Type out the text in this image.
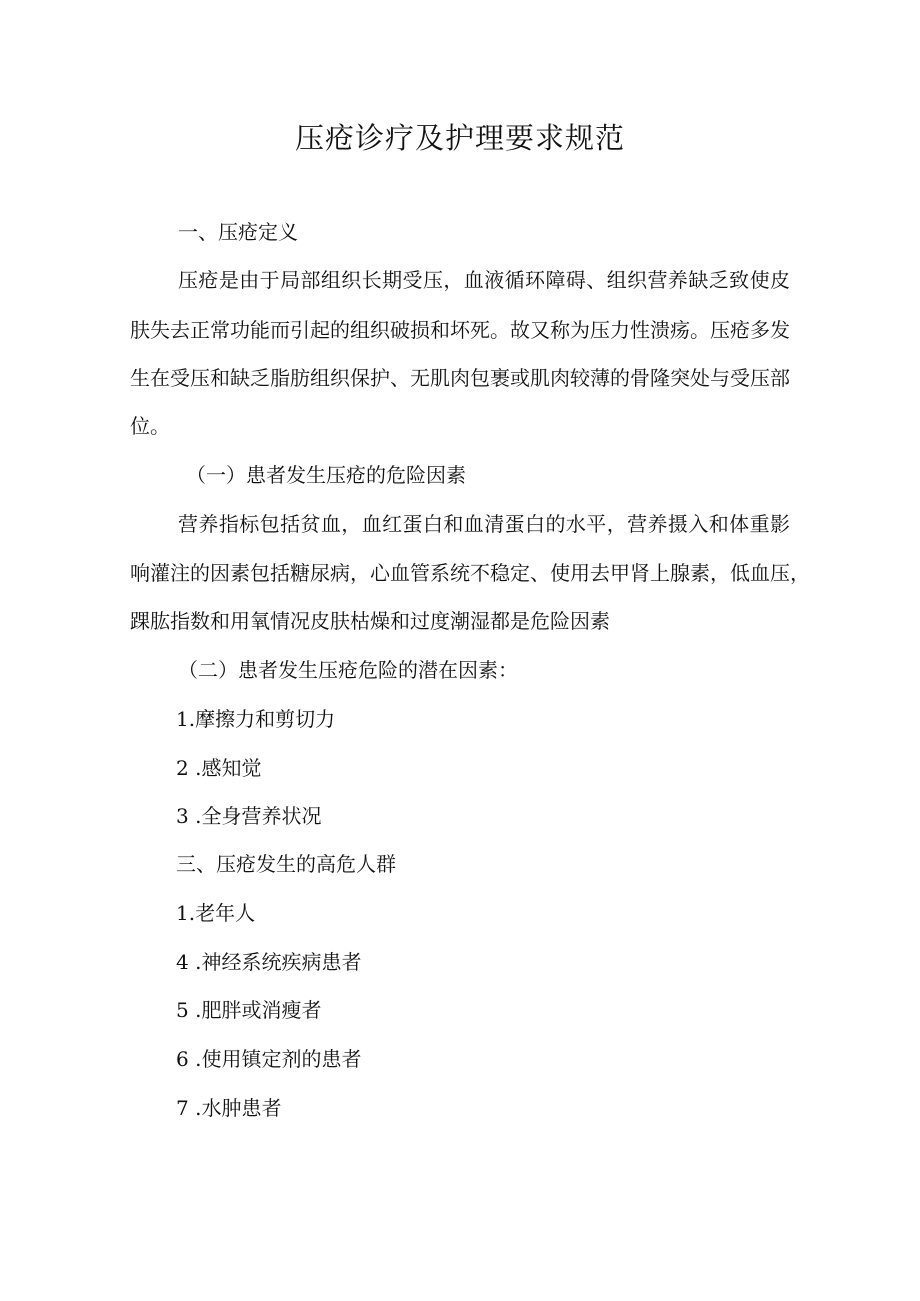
压疮诊疗及护理要求规范
一、压疮定义
压疮是由于局部组织长期受压，血液循环障碍、组织营养缺乏致使皮
肤失去正常功能而引起的组织破损和坏死。故又称为压力性溃疡。压疮多发
生在受压和缺乏脂肪组织保护、无肌肉包裹或肌肉较薄的骨隆突处与受压部
位。
（一）患者发生压疮的危险因素
营养指标包括贫血，血红蛋白和血清蛋白的水平，营养摄入和体重影
响灌注的因素包括糖尿病，心血管系统不稳定、使用去甲肾上腺素，低血压，
踝肱指数和用氧情况皮肤枯燥和过度潮湿都是危险因素
（二）患者发生压疮危险的潜在因素：
1.摩擦力和剪切力
2 .感知觉
3 .全身营养状况
三、压疮发生的高危人群
1.老年人
4 .神经系统疾病患者
5 .肥胖或消瘦者
6 .使用镇定剂的患者
7 .水肿患者
